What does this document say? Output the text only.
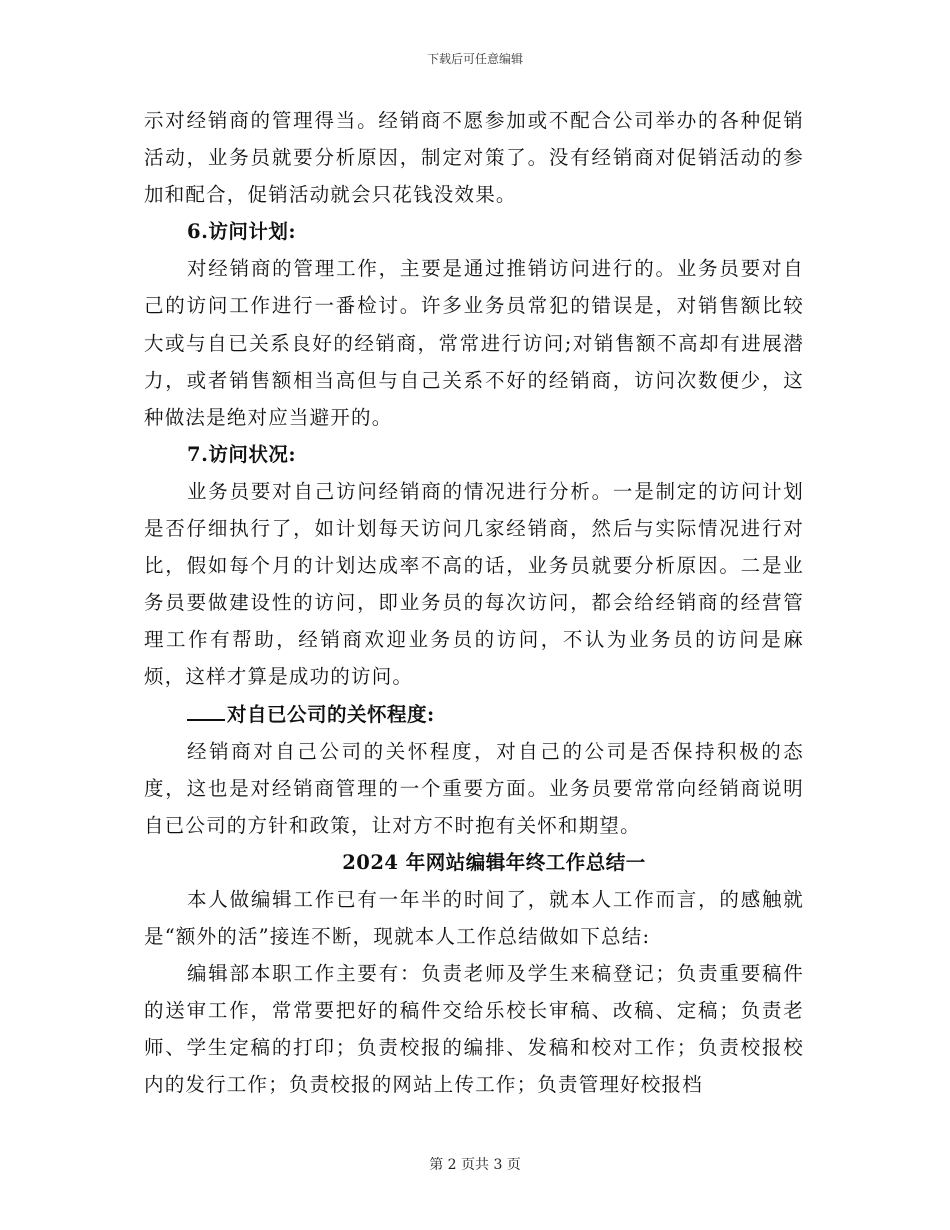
下载后可任意编辑

示对经销商的管理得当。经销商不愿参加或不配合公司举办的各种促销活动，业务员就要分析原因，制定对策了。没有经销商对促销活动的参加和配合，促销活动就会只花钱没效果。

6.访问计划:

对经销商的管理工作，主要是通过推销访问进行的。业务员要对自己的访问工作进行一番检讨。许多业务员常犯的错误是，对销售额比较大或与自已关系良好的经销商，常常进行访问;对销售额不高却有进展潜力，或者销售额相当高但与自己关系不好的经销商，访问次数便少，这种做法是绝对应当避开的。

7.访问状况:

业务员要对自己访问经销商的情况进行分析。一是制定的访问计划是否仔细执行了，如计划每天访问几家经销商，然后与实际情况进行对比，假如每个月的计划达成率不高的话，业务员就要分析原因。二是业务员要做建设性的访问，即业务员的每次访问，都会给经销商的经营管理工作有帮助，经销商欢迎业务员的访问，不认为业务员的访问是麻烦，这样才算是成功的访问。

对自已公司的关怀程度:

经销商对自己公司的关怀程度，对自己的公司是否保持积极的态度，这也是对经销商管理的一个重要方面。业务员要常常向经销商说明自已公司的方针和政策，让对方不时抱有关怀和期望。

2024 年网站编辑年终工作总结一

本人做编辑工作已有一年半的时间了，就本人工作而言，的感触就是“额外的活”接连不断，现就本人工作总结做如下总结:

编辑部本职工作主要有：负责老师及学生来稿登记；负责重要稿件的送审工作，常常要把好的稿件交给乐校长审稿、改稿、定稿；负责老师、学生定稿的打印；负责校报的编排、发稿和校对工作；负责校报校内的发行工作；负责校报的网站上传工作；负责管理好校报档

第 2 页共 3 页
